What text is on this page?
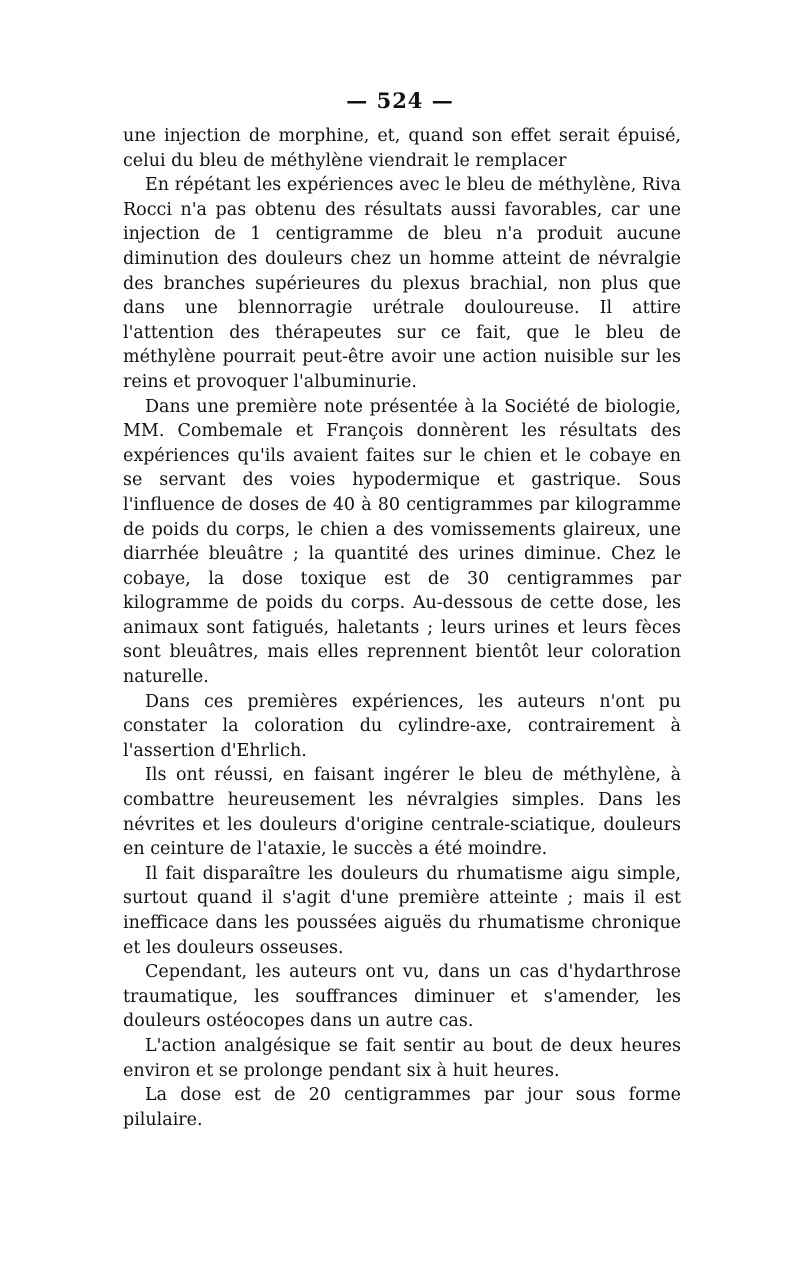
— 524 —

une injection de morphine, et, quand son effet serait épuisé, celui du bleu de méthylène viendrait le remplacer

En répétant les expériences avec le bleu de méthylène, Riva Rocci n'a pas obtenu des résultats aussi favorables, car une injection de 1 centigramme de bleu n'a produit aucune diminution des douleurs chez un homme atteint de névralgie des branches supérieures du plexus brachial, non plus que dans une blennorragie urétrale douloureuse. Il attire l'attention des thérapeutes sur ce fait, que le bleu de méthylène pourrait peut-être avoir une action nuisible sur les reins et provoquer l'albuminurie.

Dans une première note présentée à la Société de biologie, MM. Combemale et François donnèrent les résultats des expériences qu'ils avaient faites sur le chien et le cobaye en se servant des voies hypodermique et gastrique. Sous l'influence de doses de 40 à 80 centigrammes par kilogramme de poids du corps, le chien a des vomissements glaireux, une diarrhée bleuâtre ; la quantité des urines diminue. Chez le cobaye, la dose toxique est de 30 centigrammes par kilogramme de poids du corps. Au-dessous de cette dose, les animaux sont fatigués, haletants ; leurs urines et leurs fèces sont bleuâtres, mais elles reprennent bientôt leur coloration naturelle.

Dans ces premières expériences, les auteurs n'ont pu constater la coloration du cylindre-axe, contrairement à l'assertion d'Ehrlich.

Ils ont réussi, en faisant ingérer le bleu de méthylène, à combattre heureusement les névralgies simples. Dans les névrites et les douleurs d'origine centrale-sciatique, douleurs en ceinture de l'ataxie, le succès a été moindre.

Il fait disparaître les douleurs du rhumatisme aigu simple, surtout quand il s'agit d'une première atteinte ; mais il est inefficace dans les poussées aiguës du rhumatisme chronique et les douleurs osseuses.

Cependant, les auteurs ont vu, dans un cas d'hydarthrose traumatique, les souffrances diminuer et s'amender, les douleurs ostéocopes dans un autre cas.

L'action analgésique se fait sentir au bout de deux heures environ et se prolonge pendant six à huit heures.

La dose est de 20 centigrammes par jour sous forme pilulaire.
